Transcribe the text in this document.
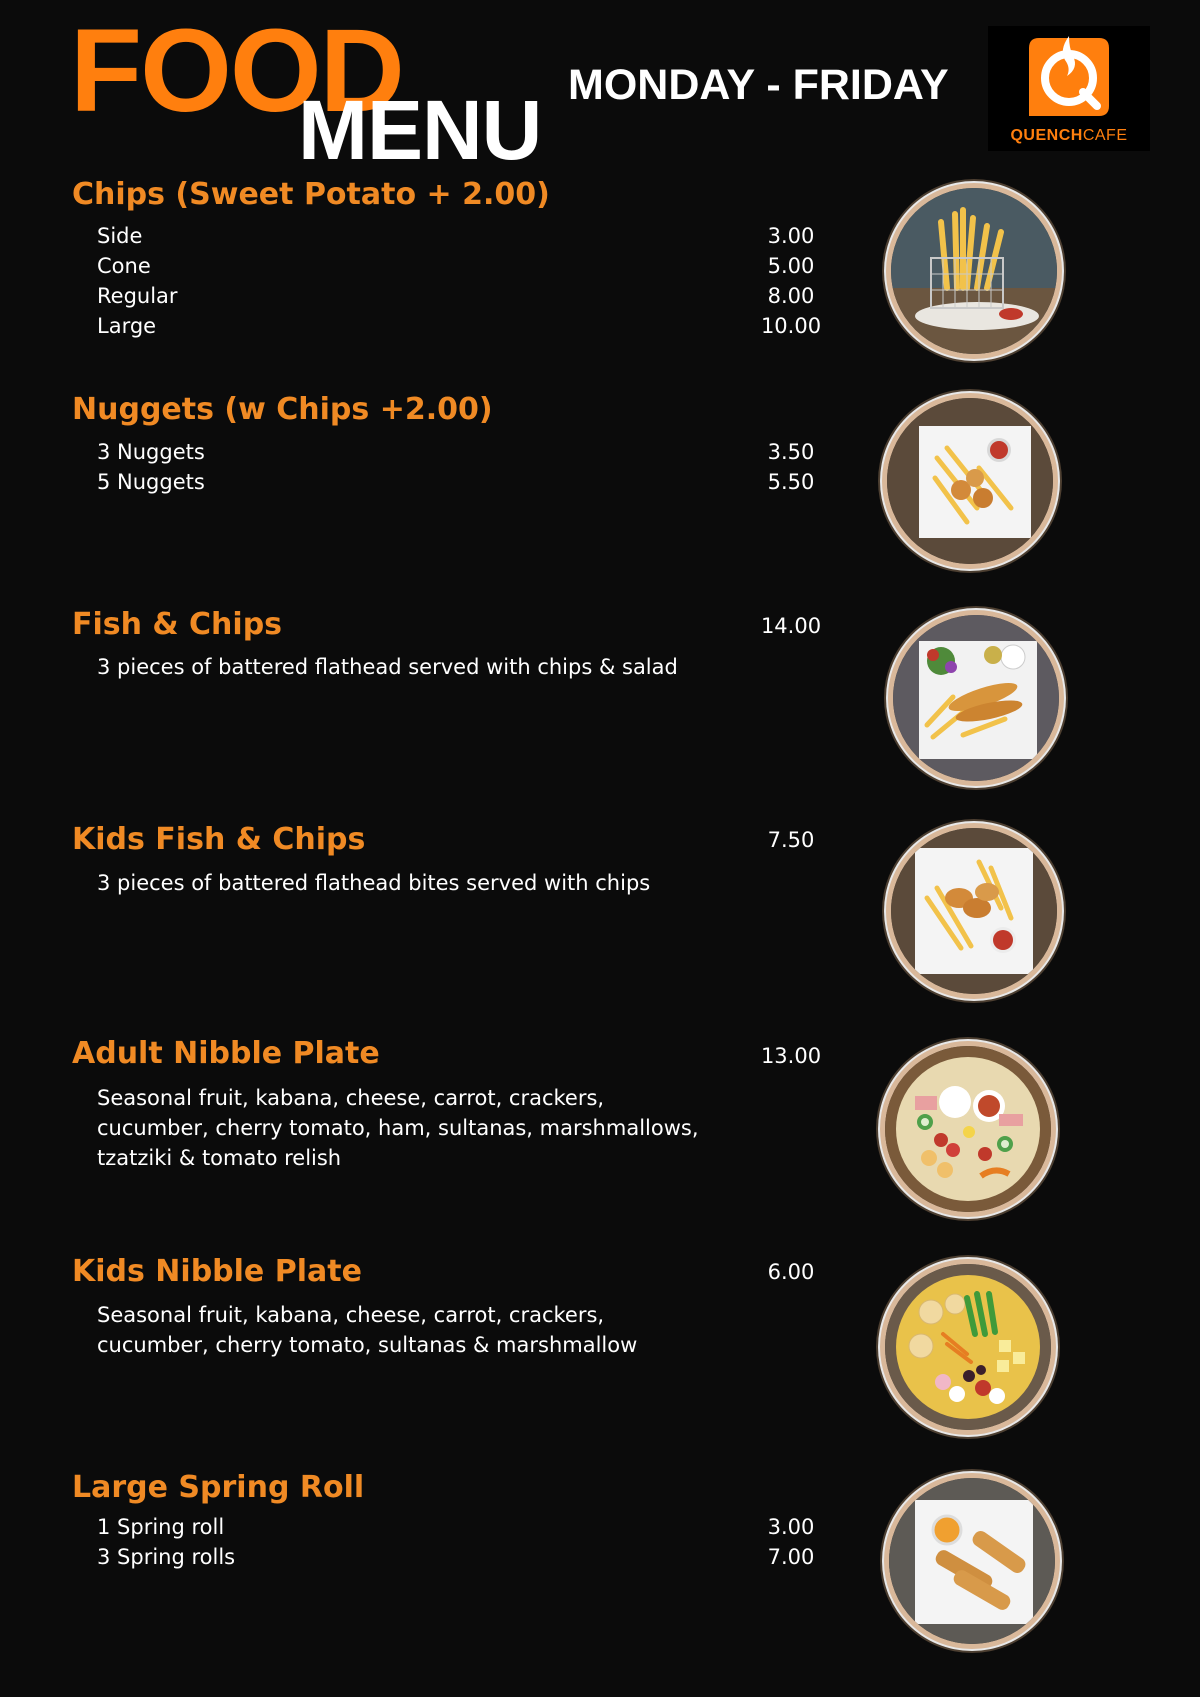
FOOD
MENU MONDAY - FRIDAY
QUENCHCAFE
Chips (Sweet Potato + 2.00)
Side	3.00
Cone	5.00
Regular	8.00
Large	10.00
Nuggets (w Chips +2.00)
3 Nuggets	3.50
5 Nuggets	5.50
Fish & Chips	14.00
3 pieces of battered flathead served with chips & salad
Kids Fish & Chips	7.50
3 pieces of battered flathead bites served with chips
Adult Nibble Plate	13.00
Seasonal fruit, kabana, cheese, carrot, crackers,
cucumber, cherry tomato, ham, sultanas, marshmallows,
tzatziki & tomato relish
Kids Nibble Plate	6.00
Seasonal fruit, kabana, cheese, carrot, crackers,
cucumber, cherry tomato, sultanas & marshmallow
Large Spring Roll
1 Spring roll	3.00
3 Spring rolls	7.00
